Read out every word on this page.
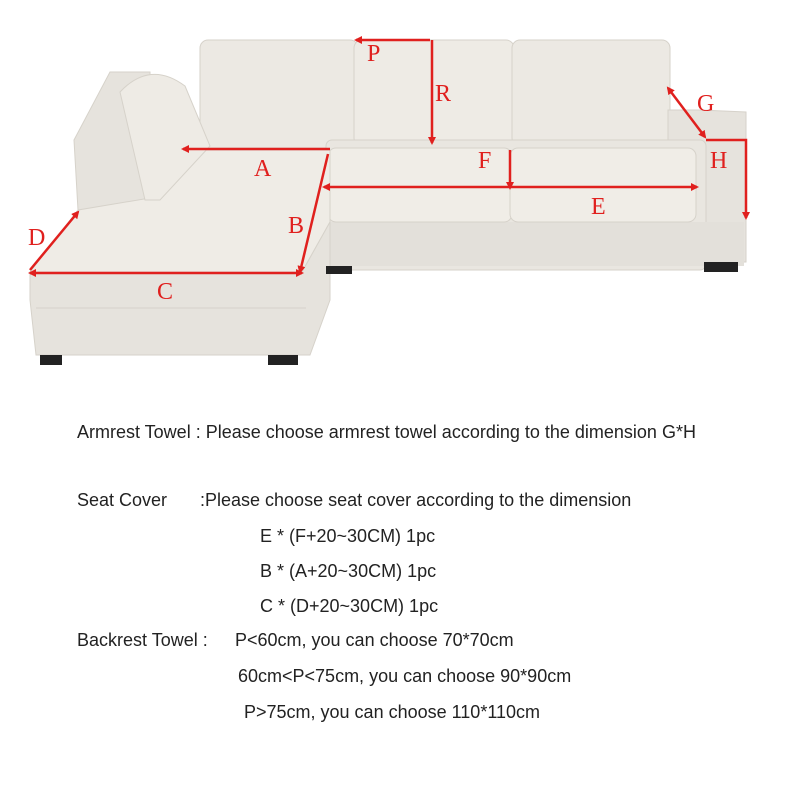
P
R	G
H
A	F
E
B
D
C
Armrest Towel : Please choose armrest towel according to the dimension G*H
Seat Cover :Please choose seat cover according to the dimension
E * (F+20~30CM) 1pc
B * (A+20~30CM) 1pc
C * (D+20~30CM) 1pc
Backrest Towel : P<60cm, you can choose 70*70cm
60cm<P<75cm, you can choose 90*90cm
P>75cm, you can choose 110*110cm
